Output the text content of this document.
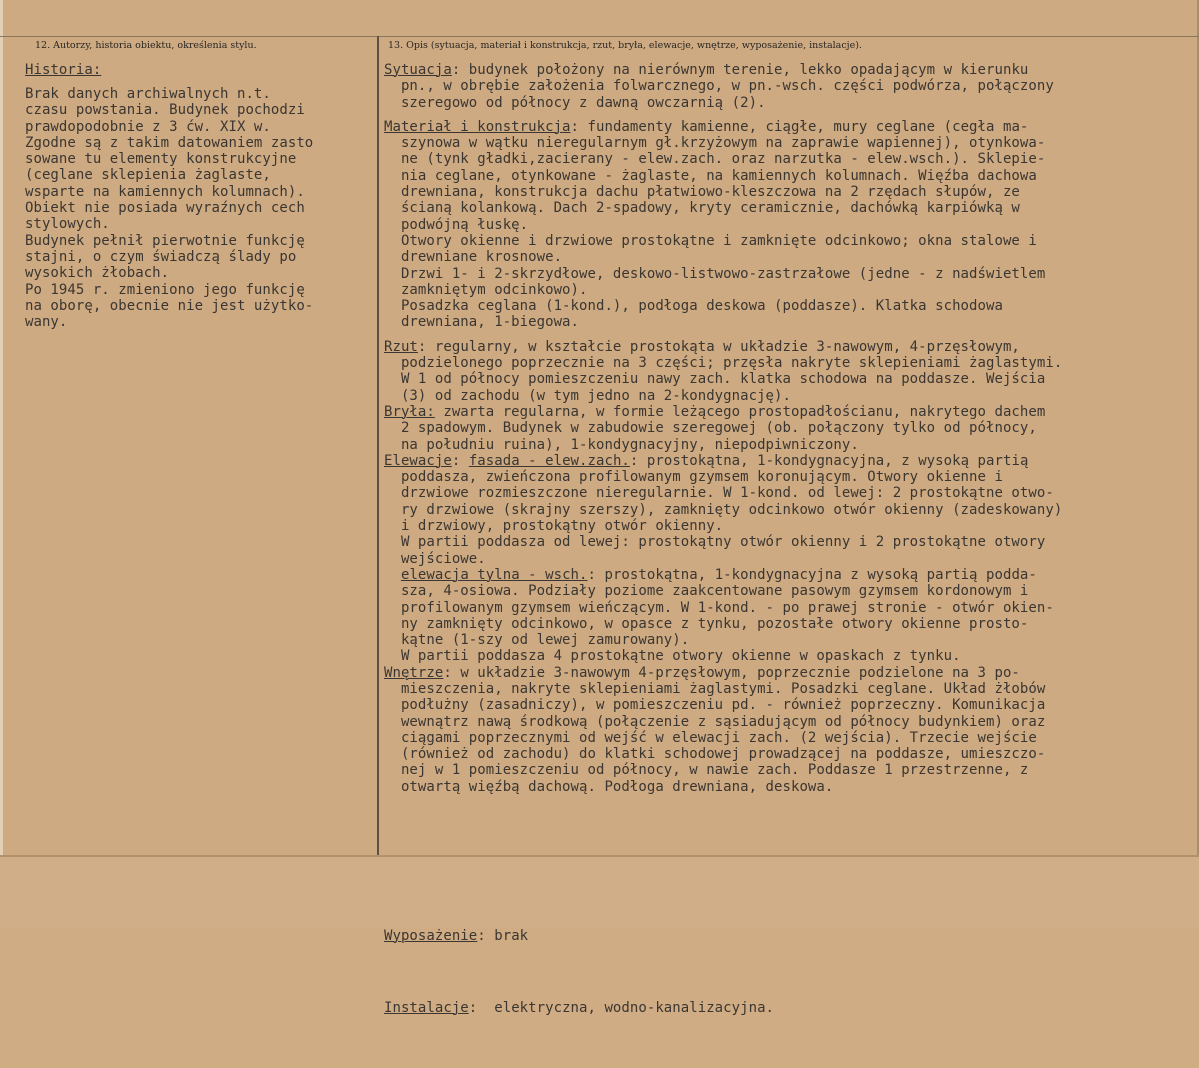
12. Autorzy, historia obiektu, określenia stylu.	13. Opis (sytuacja, materiał i konstrukcja, rzut, bryła, elewacje, wnętrze, wyposażenie, instalacje).
Historia:
Brak danych archiwalnych n.t.
czasu powstania. Budynek pochodzi
prawdopodobnie z 3 ćw. XIX w.
Zgodne są z takim datowaniem zasto
sowane tu elementy konstrukcyjne
(ceglane sklepienia żaglaste,
wsparte na kamiennych kolumnach).
Obiekt nie posiada wyraźnych cech
stylowych.
Budynek pełnił pierwotnie funkcję
stajni, o czym świadczą ślady po
wysokich żłobach.
Po 1945 r. zmieniono jego funkcję
na oborę, obecnie nie jest użytko-
wany.
Sytuacja: budynek położony na nierównym terenie, lekko opadającym w kierunku
pn., w obrębie założenia folwarcznego, w pn.-wsch. części podwórza, połączony
szeregowo od północy z dawną owczarnią (2).
Materiał i konstrukcja: fundamenty kamienne, ciągłe, mury ceglane (cegła ma-
szynowa w wątku nieregularnym gł.krzyżowym na zaprawie wapiennej), otynkowa-
ne (tynk gładki,zacierany - elew.zach. oraz narzutka - elew.wsch.). Sklepie-
nia ceglane, otynkowane - żaglaste, na kamiennych kolumnach. Więźba dachowa
drewniana, konstrukcja dachu płatwiowo-kleszczowa na 2 rzędach słupów, ze
ścianą kolankową. Dach 2-spadowy, kryty ceramicznie, dachówką karpiówką w
podwójną łuskę.
Otwory okienne i drzwiowe prostokątne i zamknięte odcinkowo; okna stalowe i
drewniane krosnowe.
Drzwi 1- i 2-skrzydłowe, deskowo-listwowo-zastrzałowe (jedne - z nadświetlem
zamkniętym odcinkowo).
Posadzka ceglana (1-kond.), podłoga deskowa (poddasze). Klatka schodowa
drewniana, 1-biegowa.
Rzut: regularny, w kształcie prostokąta w układzie 3-nawowym, 4-przęsłowym,
podzielonego poprzecznie na 3 części; przęsła nakryte sklepieniami żaglastymi.
W 1 od północy pomieszczeniu nawy zach. klatka schodowa na poddasze. Wejścia
(3) od zachodu (w tym jedno na 2-kondygnację).
Bryła: zwarta regularna, w formie leżącego prostopadłościanu, nakrytego dachem
2 spadowym. Budynek w zabudowie szeregowej (ob. połączony tylko od północy,
na południu ruina), 1-kondygnacyjny, niepodpiwniczony.
Elewacje: fasada - elew.zach.: prostokątna, 1-kondygnacyjna, z wysoką partią
poddasza, zwieńczona profilowanym gzymsem koronującym. Otwory okienne i
drzwiowe rozmieszczone nieregularnie. W 1-kond. od lewej: 2 prostokątne otwo-
ry drzwiowe (skrajny szerszy), zamknięty odcinkowo otwór okienny (zadeskowany)
i drzwiowy, prostokątny otwór okienny.
W partii poddasza od lewej: prostokątny otwór okienny i 2 prostokątne otwory
wejściowe.
elewacja tylna - wsch.: prostokątna, 1-kondygnacyjna z wysoką partią podda-
sza, 4-osiowa. Podziały poziome zaakcentowane pasowym gzymsem kordonowym i
profilowanym gzymsem wieńczącym. W 1-kond. - po prawej stronie - otwór okien-
ny zamknięty odcinkowo, w opasce z tynku, pozostałe otwory okienne prosto-
kątne (1-szy od lewej zamurowany).
W partii poddasza 4 prostokątne otwory okienne w opaskach z tynku.
Wnętrze: w układzie 3-nawowym 4-przęsłowym, poprzecznie podzielone na 3 po-
mieszczenia, nakryte sklepieniami żaglastymi. Posadzki ceglane. Układ żłobów
podłużny (zasadniczy), w pomieszczeniu pd. - również poprzeczny. Komunikacja
wewnątrz nawą środkową (połączenie z sąsiadującym od północy budynkiem) oraz
ciągami poprzecznymi od wejść w elewacji zach. (2 wejścia). Trzecie wejście
(również od zachodu) do klatki schodowej prowadzącej na poddasze, umieszczo-
nej w 1 pomieszczeniu od północy, w nawie zach. Poddasze 1 przestrzenne, z
otwartą więźbą dachową. Podłoga drewniana, deskowa.

Wyposażenie: brak

Instalacje:  elektryczna, wodno-kanalizacyjna.
